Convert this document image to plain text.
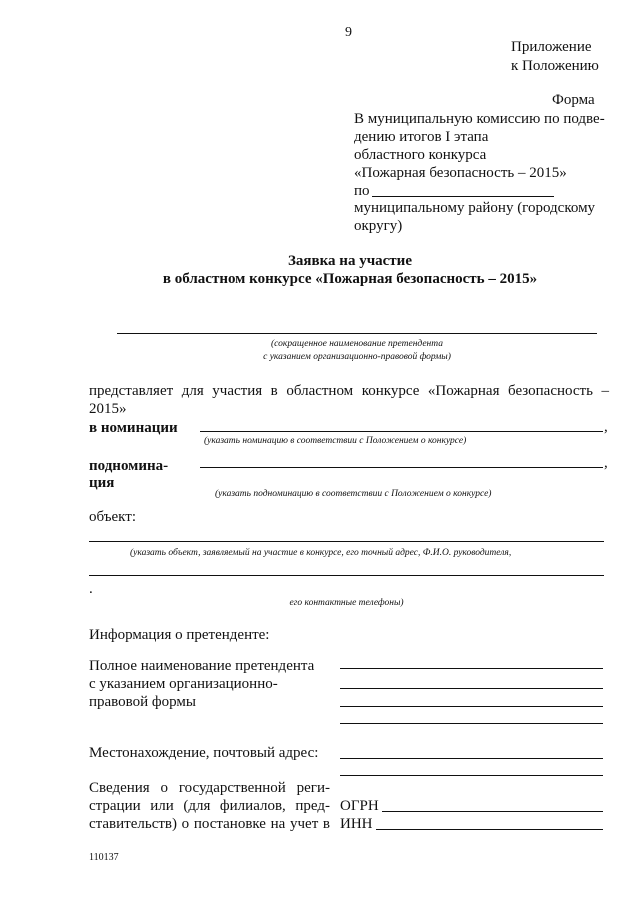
9
Приложение
к Положению
Форма
В муниципальную комиссию по подве-
дению итогов I этапа
областного конкурса
«Пожарная безопасность – 2015»
по
муниципальному району (городскому
округу)
Заявка на участие
в областном конкурсе «Пожарная безопасность – 2015»
(сокращенное наименование претендента
с указанием организационно-правовой формы)
представляет для участия в областном конкурсе «Пожарная безопасность –
2015»
в номинации	,
(указать номинацию в соответствии с Положением о конкурсе)
подномина-
ция
,
(указать подноминацию в соответствии с Положением о конкурсе)
объект:
(указать объект, заявляемый на участие в конкурсе, его точный адрес, Ф.И.О. руководителя,
.
его контактные телефоны)
Информация о претенденте:
Полное наименование претендента
с указанием организационно-
правовой формы
Местонахождение, почтовый адрес:
Сведения о государственной реги-
страции или (для филиалов, пред-
ставительств) о постановке на учет в
ОГРН
ИНН
110137
